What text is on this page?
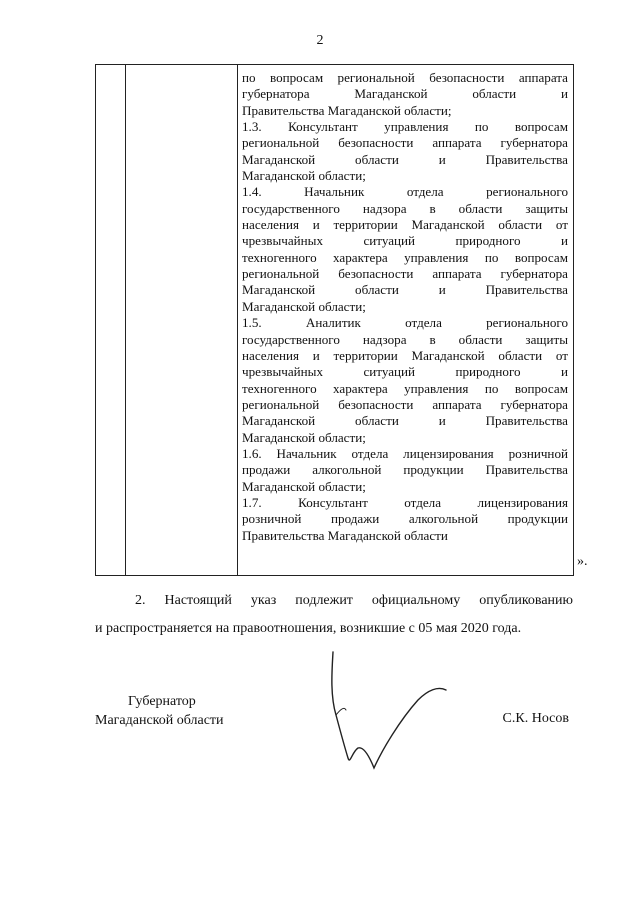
2
по вопросам региональной безопасности аппарата
губернатора Магаданской области и
Правительства Магаданской области;
1.3. Консультант управления по вопросам
региональной безопасности аппарата губернатора
Магаданской области и Правительства
Магаданской области;
1.4. Начальник отдела регионального
государственного надзора в области защиты
населения и территории Магаданской области от
чрезвычайных ситуаций природного и
техногенного характера управления по вопросам
региональной безопасности аппарата губернатора
Магаданской области и Правительства
Магаданской области;
1.5. Аналитик отдела регионального
государственного надзора в области защиты
населения и территории Магаданской области от
чрезвычайных ситуаций природного и
техногенного характера управления по вопросам
региональной безопасности аппарата губернатора
Магаданской области и Правительства
Магаданской области;
1.6. Начальник отдела лицензирования розничной
продажи алкогольной продукции Правительства
Магаданской области;
1.7. Консультант отдела лицензирования
розничной продажи алкогольной продукции
Правительства Магаданской области
».
2. Настоящий указ подлежит официальному опубликованию
и распространяется на правоотношения, возникшие с 05 мая 2020 года.
Губернатор
Магаданской области	С.К. Носов
